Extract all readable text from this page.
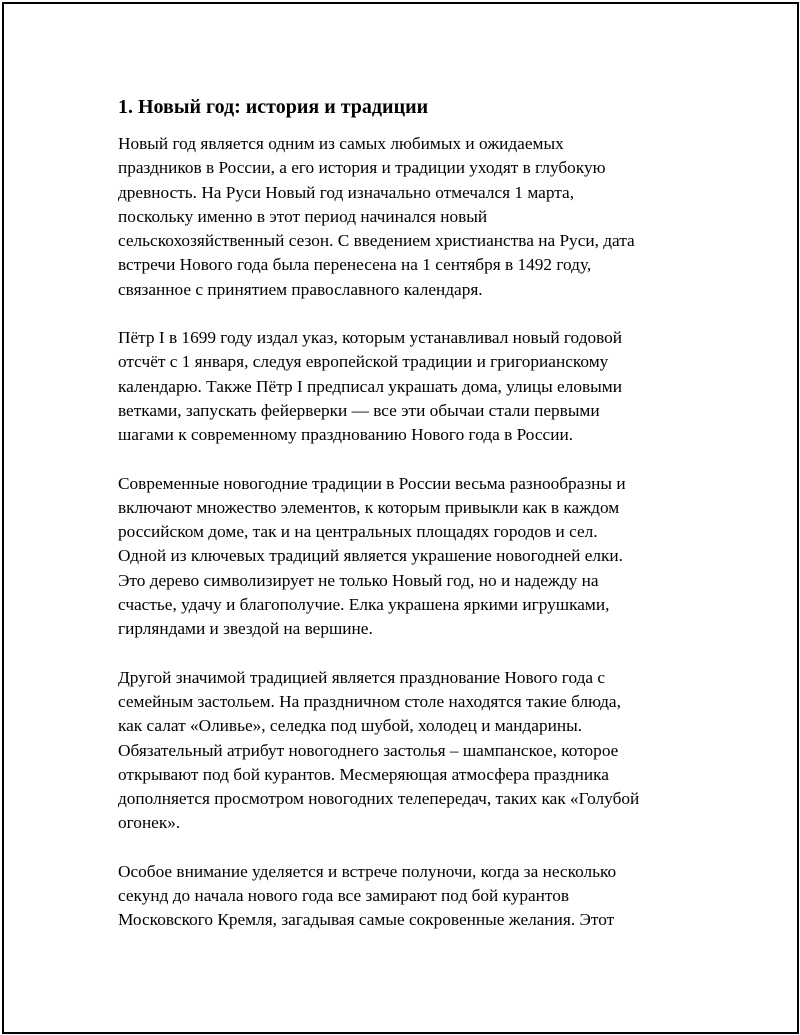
1. Новый год: история и традиции

Новый год является одним из самых любимых и ожидаемых
праздников в России, а его история и традиции уходят в глубокую
древность. На Руси Новый год изначально отмечался 1 марта,
поскольку именно в этот период начинался новый
сельскохозяйственный сезон. С введением христианства на Руси, дата
встречи Нового года была перенесена на 1 сентября в 1492 году,
связанное с принятием православного календаря.

Пётр I в 1699 году издал указ, которым устанавливал новый годовой
отсчёт с 1 января, следуя европейской традиции и григорианскому
календарю. Также Пётр I предписал украшать дома, улицы еловыми
ветками, запускать фейерверки — все эти обычаи стали первыми
шагами к современному празднованию Нового года в России.

Современные новогодние традиции в России весьма разнообразны и
включают множество элементов, к которым привыкли как в каждом
российском доме, так и на центральных площадях городов и сел.
Одной из ключевых традиций является украшение новогодней елки.
Это дерево символизирует не только Новый год, но и надежду на
счастье, удачу и благополучие. Елка украшена яркими игрушками,
гирляндами и звездой на вершине.

Другой значимой традицией является празднование Нового года с
семейным застольем. На праздничном столе находятся такие блюда,
как салат «Оливье», селедка под шубой, холодец и мандарины.
Обязательный атрибут новогоднего застолья – шампанское, которое
открывают под бой курантов. Месмеряющая атмосфера праздника
дополняется просмотром новогодних телепередач, таких как «Голубой
огонек».

Особое внимание уделяется и встрече полуночи, когда за несколько
секунд до начала нового года все замирают под бой курантов
Московского Кремля, загадывая самые сокровенные желания. Этот
